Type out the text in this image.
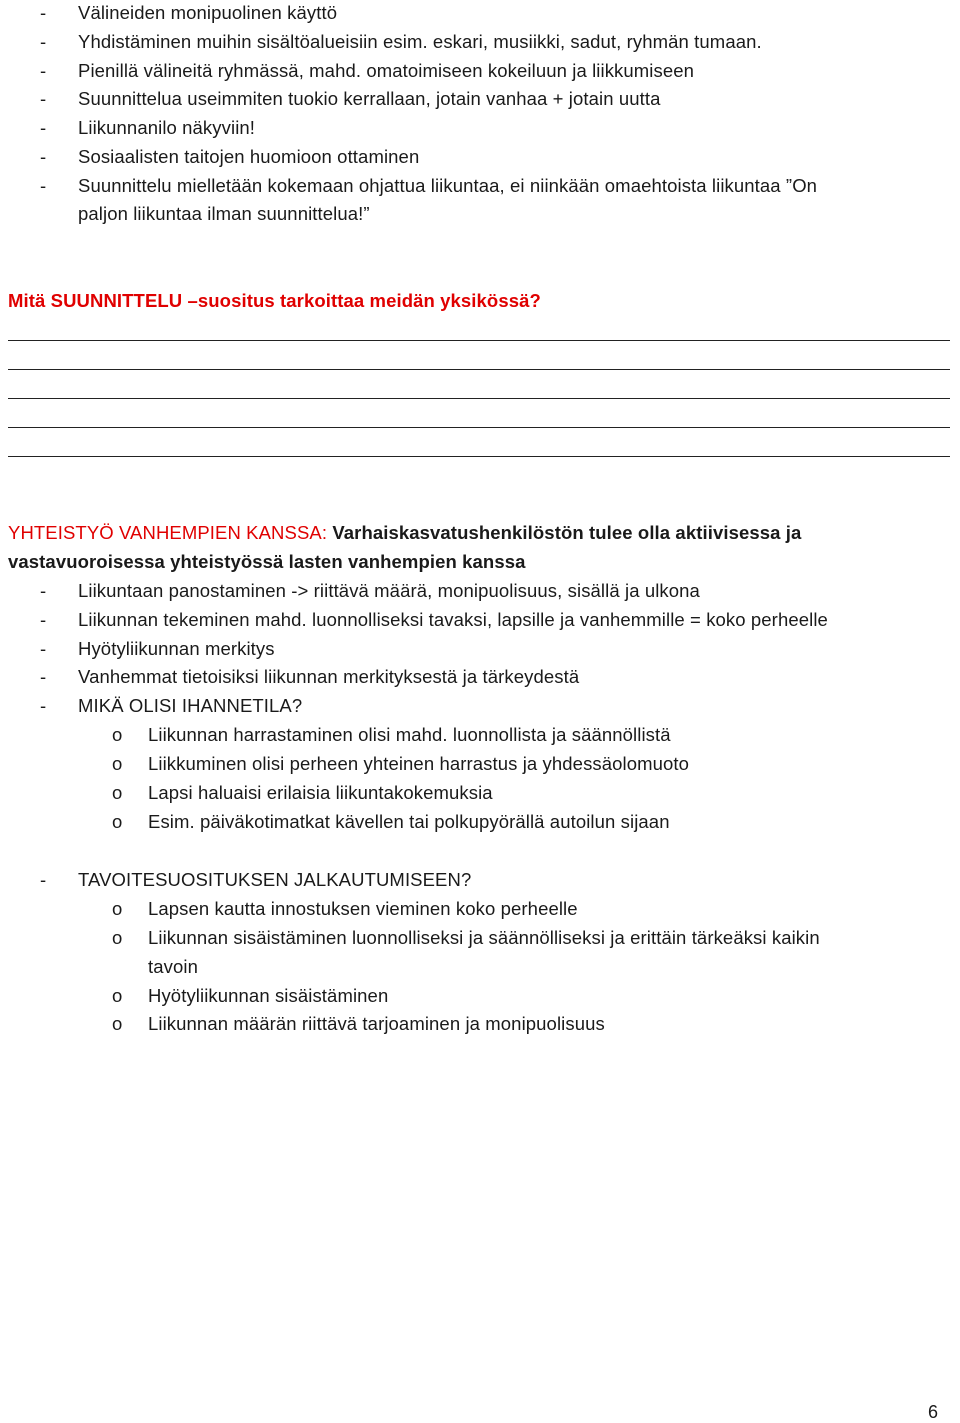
- Välineiden monipuolinen käyttö
- Yhdistäminen muihin sisältöalueisiin esim. eskari, musiikki, sadut, ryhmän tumaan.
- Pienillä välineitä ryhmässä, mahd. omatoimiseen kokeiluun ja liikkumiseen
- Suunnittelua useimmiten tuokio kerrallaan, jotain vanhaa + jotain uutta
- Liikunnanilo näkyviin!
- Sosiaalisten taitojen huomioon ottaminen
- Suunnittelu mielletään kokemaan ohjattua liikuntaa, ei niinkään omaehtoista liikuntaa ”On
paljon liikuntaa ilman suunnittelua!”
Mitä SUUNNITTELU –suositus tarkoittaa meidän yksikössä?
YHTEISTYÖ VANHEMPIEN KANSSA: Varhaiskasvatushenkilöstön tulee olla aktiivisessa ja
vastavuoroisessa yhteistyössä lasten vanhempien kanssa
- Liikuntaan panostaminen -> riittävä määrä, monipuolisuus, sisällä ja ulkona
- Liikunnan tekeminen mahd. luonnolliseksi tavaksi, lapsille ja vanhemmille = koko perheelle
- Hyötyliikunnan merkitys
- Vanhemmat tietoisiksi liikunnan merkityksestä ja tärkeydestä
- MIKÄ OLISI IHANNETILA?
o Liikunnan harrastaminen olisi mahd. luonnollista ja säännöllistä
o Liikkuminen olisi perheen yhteinen harrastus ja yhdessäolomuoto
o Lapsi haluaisi erilaisia liikuntakokemuksia
o Esim. päiväkotimatkat kävellen tai polkupyörällä autoilun sijaan
- TAVOITESUOSITUKSEN JALKAUTUMISEEN?
o Lapsen kautta innostuksen vieminen koko perheelle
o Liikunnan sisäistäminen luonnolliseksi ja säännölliseksi ja erittäin tärkeäksi kaikin
tavoin
o Hyötyliikunnan sisäistäminen
o Liikunnan määrän riittävä tarjoaminen ja monipuolisuus
6
